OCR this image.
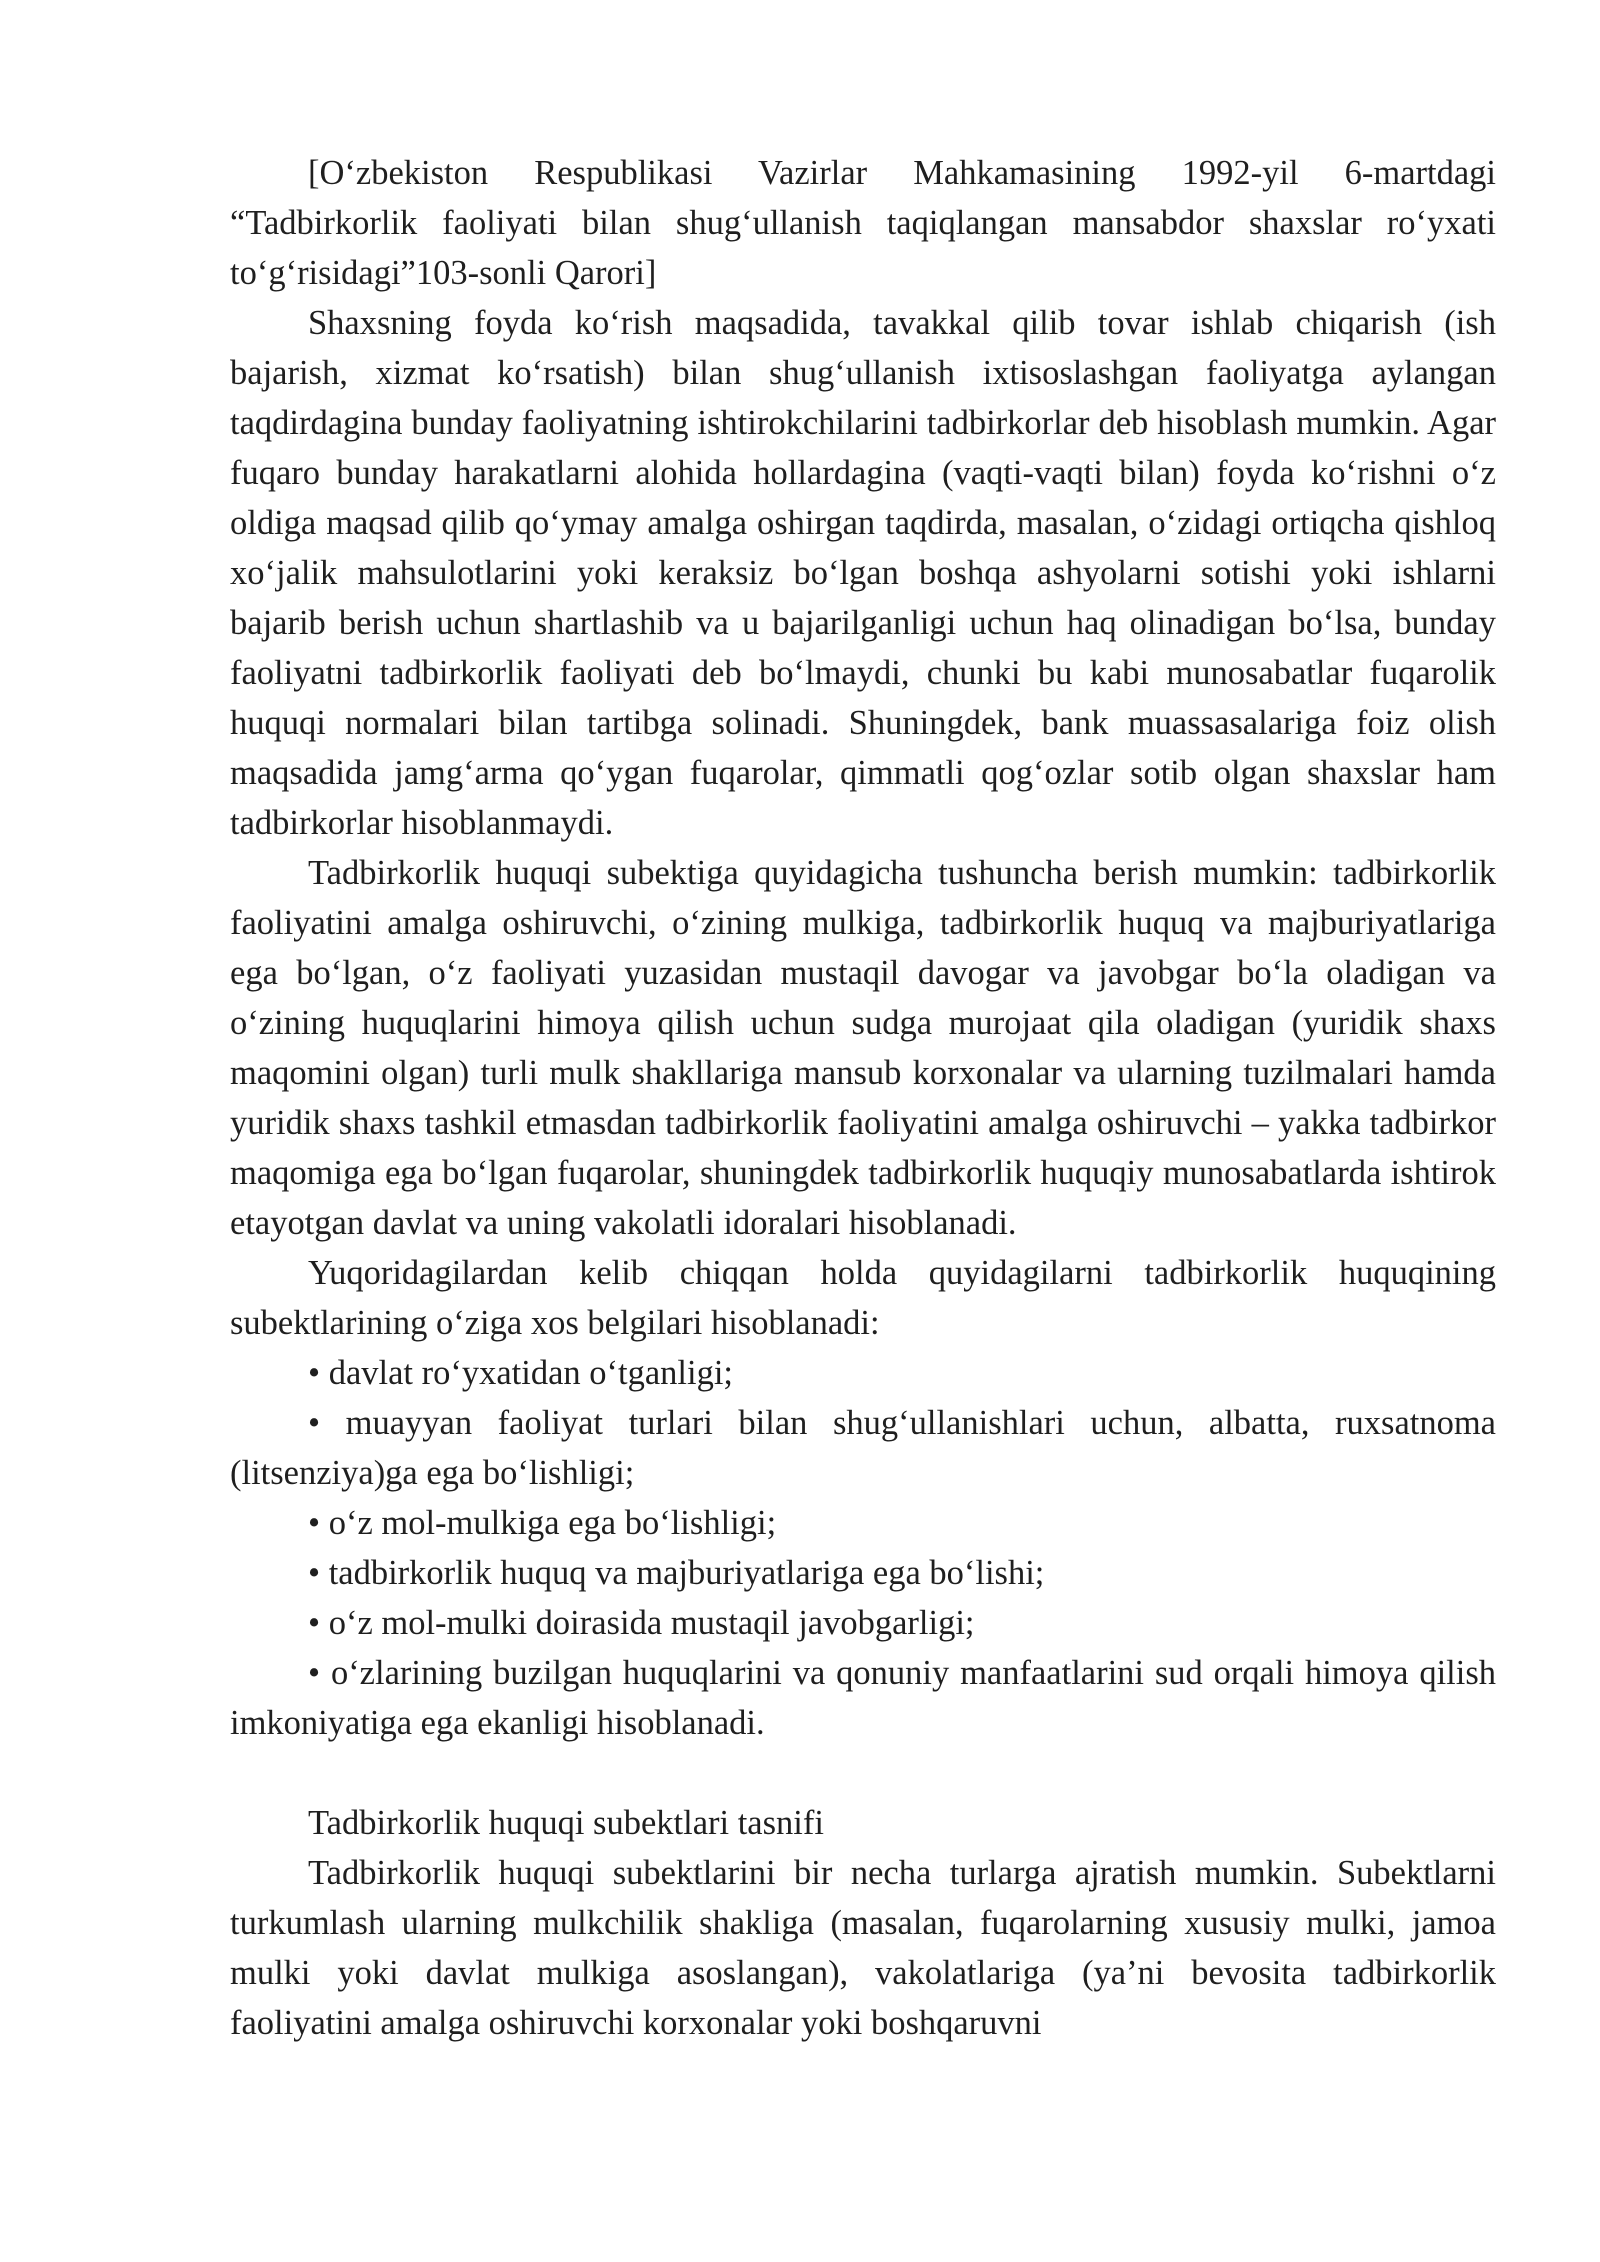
[O‘zbekiston Respublikasi Vazirlar Mahkamasining 1992-yil 6-martdagi “Tadbirkorlik faoliyati bilan shug‘ullanish taqiqlangan mansabdor shaxslar ro‘yxati to‘g‘risidagi”103-sonli Qarori]

Shaxsning foyda ko‘rish maqsadida, tavakkal qilib tovar ishlab chiqarish (ish bajarish, xizmat ko‘rsatish) bilan shug‘ullanish ixtisoslashgan faoliyatga aylangan taqdirdagina bunday faoliyatning ishtirokchilarini tadbirkorlar deb hisoblash mumkin. Agar fuqaro bunday harakatlarni alohida hollardagina (vaqti-vaqti bilan) foyda ko‘rishni o‘z oldiga maqsad qilib qo‘ymay amalga oshirgan taqdirda, masalan, o‘zidagi ortiqcha qishloq xo‘jalik mahsulotlarini yoki keraksiz bo‘lgan boshqa ashyolarni sotishi yoki ishlarni bajarib berish uchun shartlashib va u bajarilganligi uchun haq olinadigan bo‘lsa, bunday faoliyatni tadbirkorlik faoliyati deb bo‘lmaydi, chunki bu kabi munosabatlar fuqarolik huquqi normalari bilan tartibga solinadi. Shuningdek, bank muassasalariga foiz olish maqsadida jamg‘arma qo‘ygan fuqarolar, qimmatli qog‘ozlar sotib olgan shaxslar ham tadbirkorlar hisoblanmaydi.

Tadbirkorlik huquqi subektiga quyidagicha tushuncha berish mumkin: tadbirkorlik faoliyatini amalga oshiruvchi, o‘zining mulkiga, tadbirkorlik huquq va majburiyatlariga ega bo‘lgan, o‘z faoliyati yuzasidan mustaqil davogar va javobgar bo‘la oladigan va o‘zining huquqlarini himoya qilish uchun sudga murojaat qila oladigan (yuridik shaxs maqomini olgan) turli mulk shakllariga mansub korxonalar va ularning tuzilmalari hamda yuridik shaxs tashkil etmasdan tadbirkorlik faoliyatini amalga oshiruvchi – yakka tadbirkor maqomiga ega bo‘lgan fuqarolar, shuningdek tadbirkorlik huquqiy munosabatlarda ishtirok etayotgan davlat va uning vakolatli idoralari hisoblanadi.

Yuqoridagilardan kelib chiqqan holda quyidagilarni tadbirkorlik huquqining subektlarining o‘ziga xos belgilari hisoblanadi:

• davlat ro‘yxatidan o‘tganligi;

• muayyan faoliyat turlari bilan shug‘ullanishlari uchun, albatta, ruxsatnoma (litsenziya)ga ega bo‘lishligi;

• o‘z mol-mulkiga ega bo‘lishligi;

• tadbirkorlik huquq va majburiyatlariga ega bo‘lishi;

• o‘z mol-mulki doirasida mustaqil javobgarligi;

• o‘zlarining buzilgan huquqlarini va qonuniy manfaatlarini sud orqali himoya qilish imkoniyatiga ega ekanligi hisoblanadi.

Tadbirkorlik huquqi subektlari tasnifi

Tadbirkorlik huquqi subektlarini bir necha turlarga ajratish mumkin. Subektlarni turkumlash ularning mulkchilik shakliga (masalan, fuqarolarning xususiy mulki, jamoa mulki yoki davlat mulkiga asoslangan), vakolatlariga (ya’ni bevosita tadbirkorlik faoliyatini amalga oshiruvchi korxonalar yoki boshqaruvni
